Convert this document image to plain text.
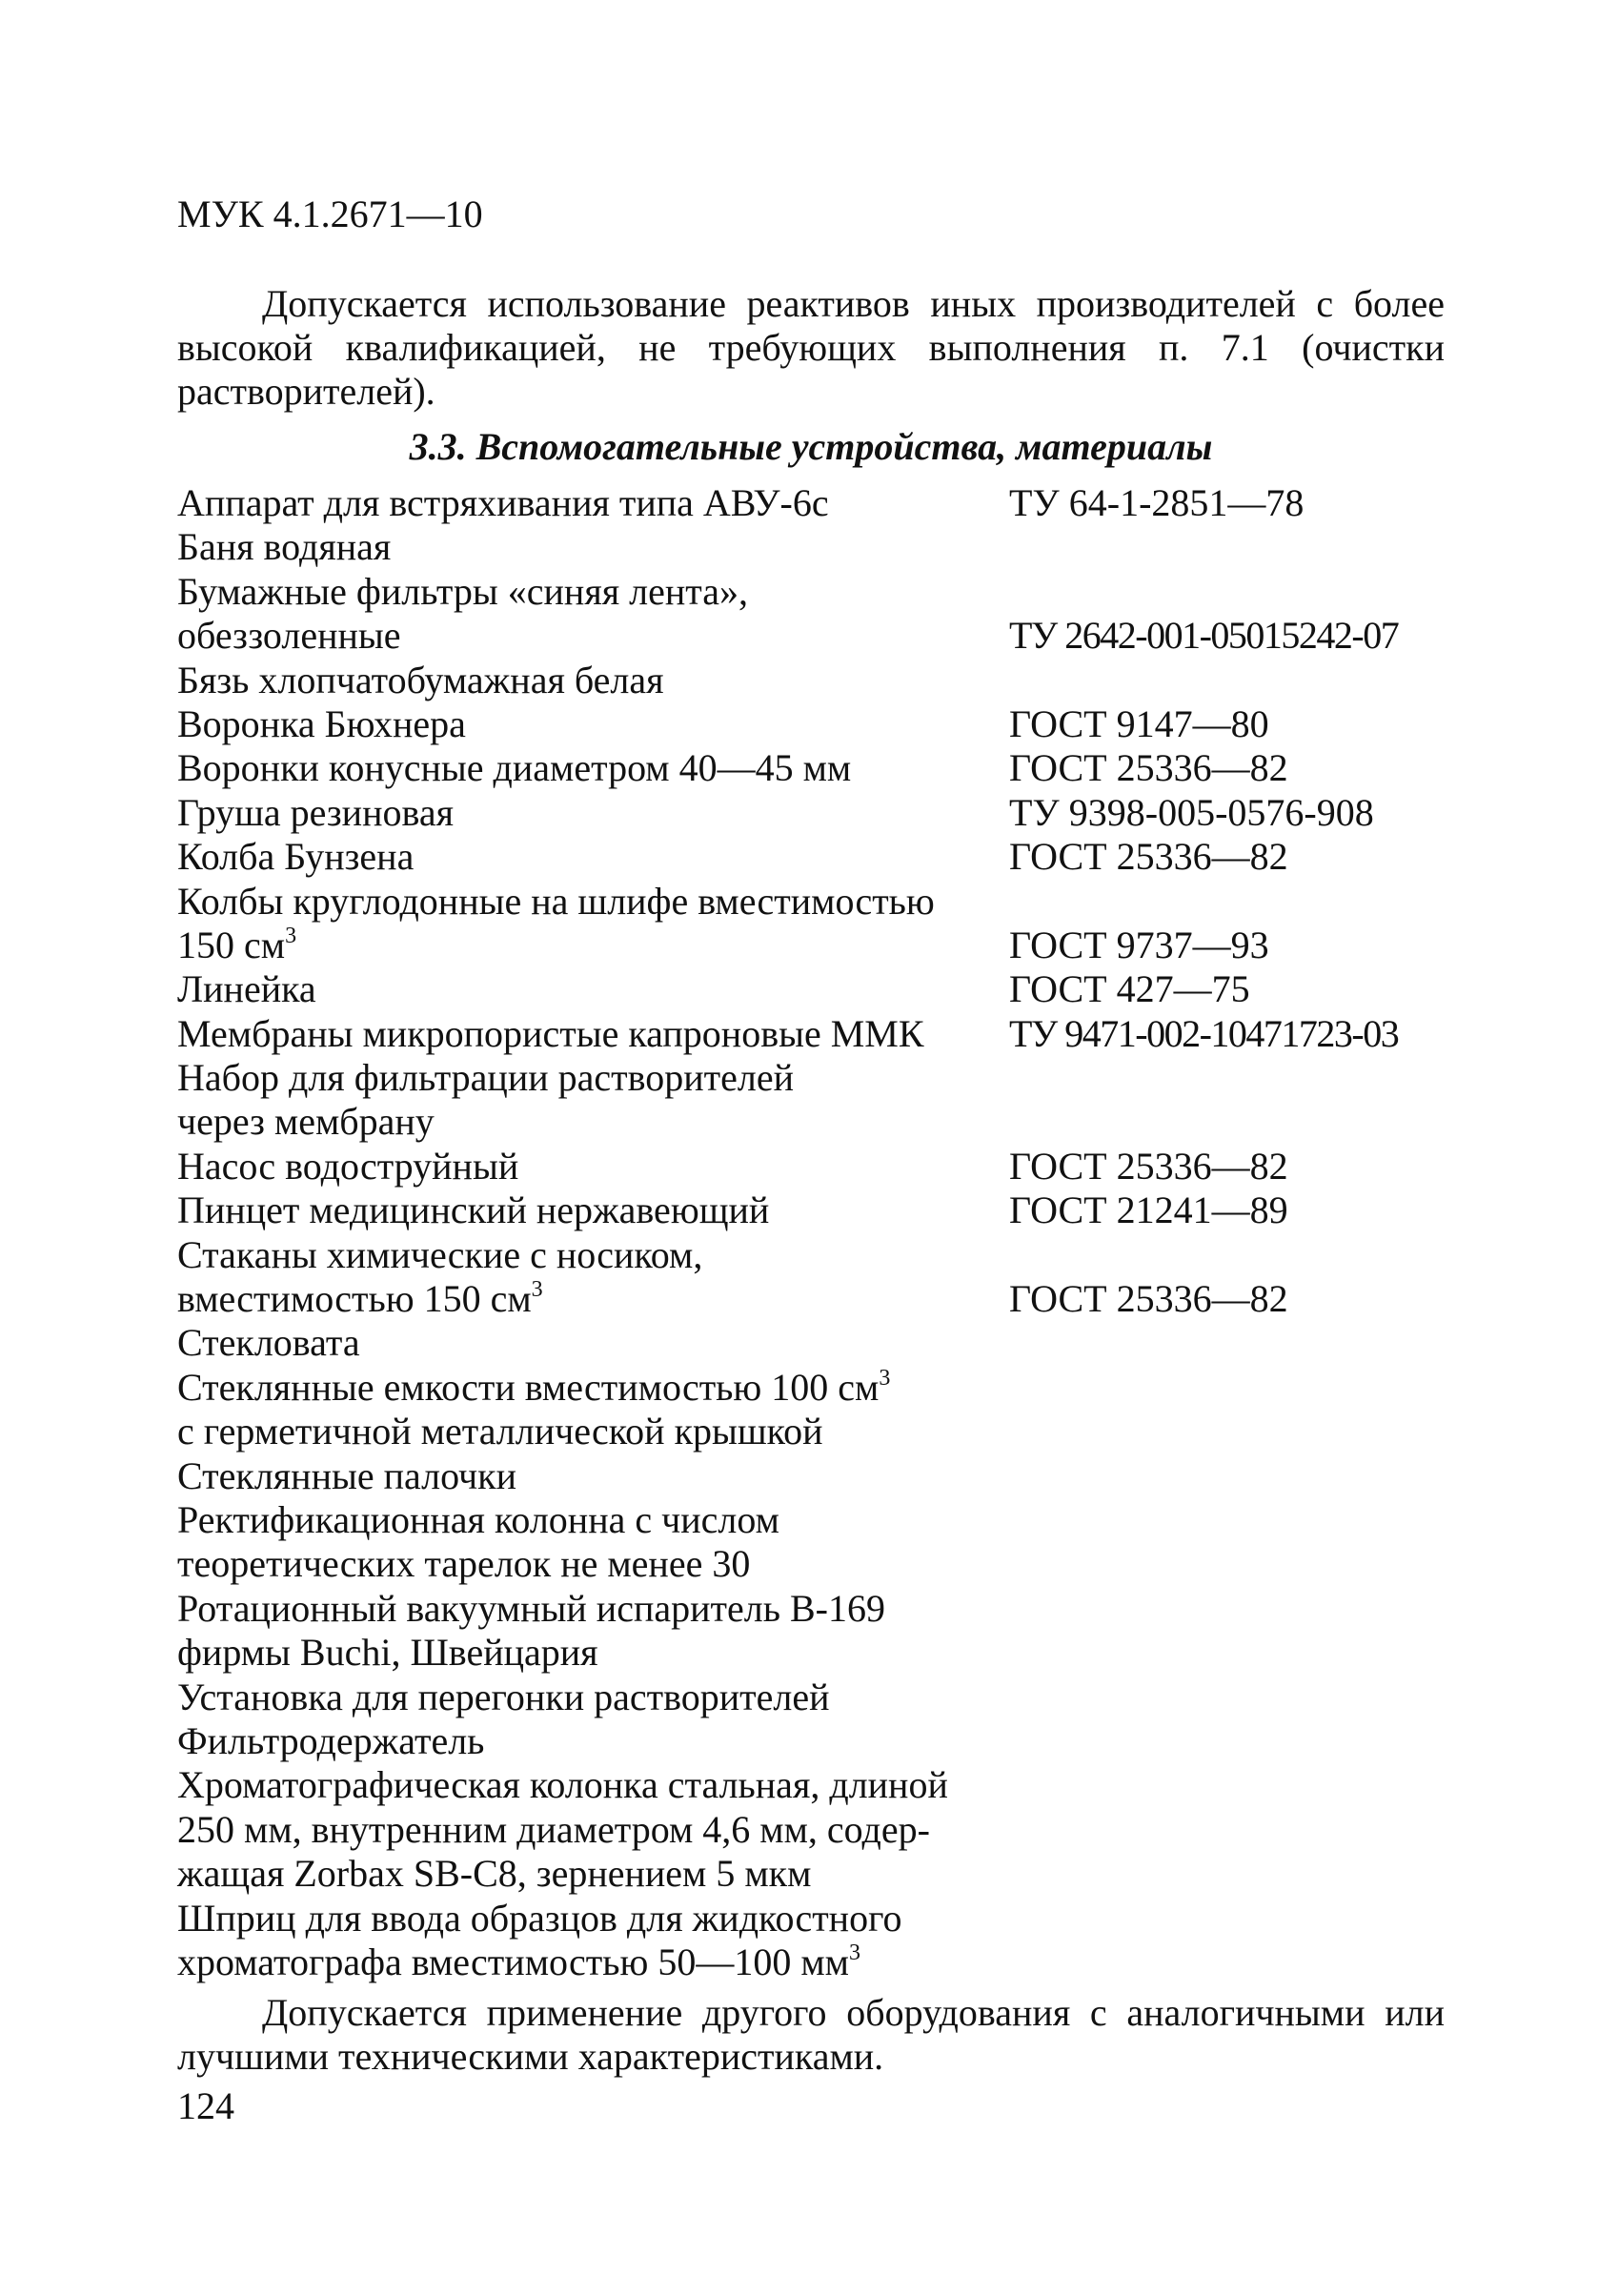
МУК 4.1.2671—10
Допускается использование реактивов иных производителей с более высокой квалификацией, не требующих выполнения п. 7.1 (очистки растворителей).
3.3. Вспомогательные устройства, материалы
Аппарат для встряхивания типа АВУ-6с	ТУ 64-1-2851—78
Баня водяная
Бумажные фильтры «синяя лента»,
обеззоленные	ТУ 2642-001-05015242-07
Бязь хлопчатобумажная белая
Воронка Бюхнера	ГОСТ 9147—80
Воронки конусные диаметром 40—45 мм	ГОСТ 25336—82
Груша резиновая	ТУ 9398-005-0576-908
Колба Бунзена	ГОСТ 25336—82
Колбы круглодонные на шлифе вместимостью
150 $см^3$	ГОСТ 9737—93
Линейка	ГОСТ 427—75
Мембраны микропористые капроновые ММК ТУ 9471-002-10471723-03
Набор для фильтрации растворителей
через мембрану
Насос водоструйный	ГОСТ 25336—82
Пинцет медицинский нержавеющий	ГОСТ 21241—89
Стаканы химические с носиком,
вместимостью 150 $см^3$	ГОСТ 25336—82
Стекловата
Стеклянные емкости вместимостью 100 $см^3$
с герметичной металлической крышкой
Стеклянные палочки
Ректификационная колонна с числом
теоретических тарелок не менее 30
Ротационный вакуумный испаритель В-169
фирмы Buchi, Швейцария
Установка для перегонки растворителей
Фильтродержатель
Хроматографическая колонка стальная, длиной
250 мм, внутренним диаметром 4,6 мм, содер-
жащая Zorbax SB-C8, зернением 5 мкм
Шприц для ввода образцов для жидкостного
хроматографа вместимостью 50—100 $мм^3$
Допускается применение другого оборудования с аналогичными или лучшими техническими характеристиками.
124
